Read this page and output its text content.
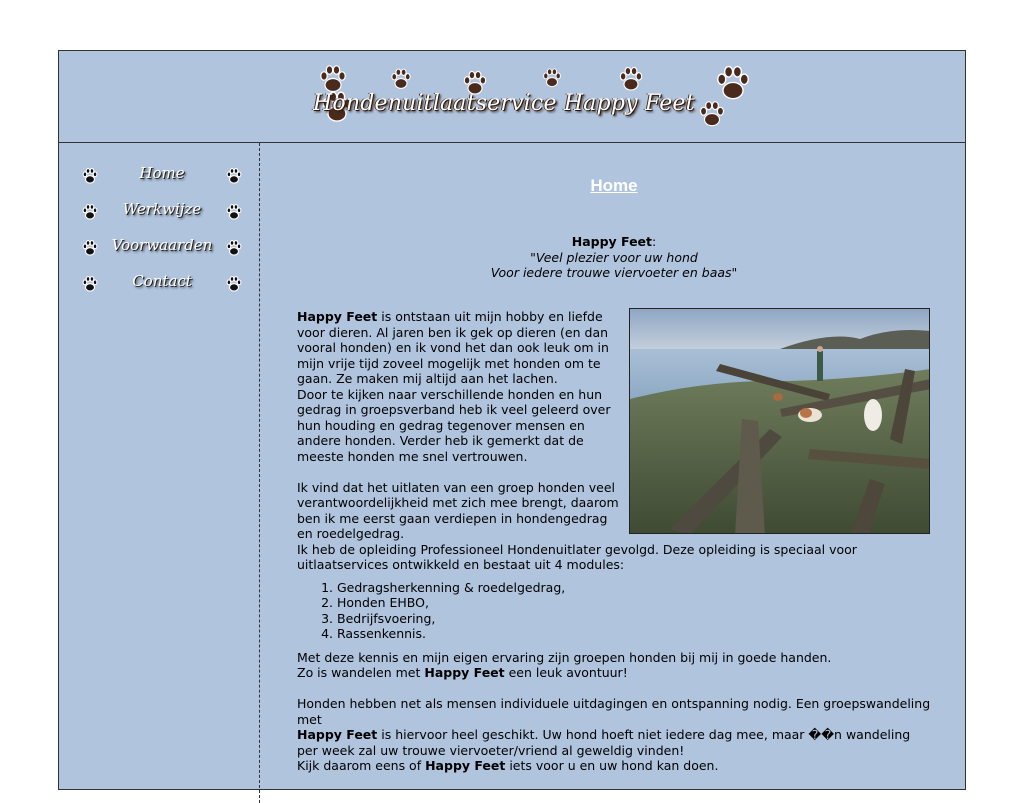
Hondenuitlaatservice Happy Feet
Home
Werkwijze
Voorwaarden
Contact
Home
Happy Feet:
"Veel plezier voor uw hond
Voor iedere trouwe viervoeter en baas"

Happy Feet is ontstaan uit mijn hobby en liefde voor dieren. Al jaren ben ik gek op dieren (en dan vooral honden) en ik vond het dan ook leuk om in mijn vrije tijd zoveel mogelijk met honden om te gaan. Ze maken mij altijd aan het lachen.

Door te kijken naar verschillende honden en hun gedrag in groepsverband heb ik veel geleerd over hun houding en gedrag tegenover mensen en andere honden. Verder heb ik gemerkt dat de meeste honden me snel vertrouwen.

Ik vind dat het uitlaten van een groep honden veel verantwoordelijkheid met zich mee brengt, daarom ben ik me eerst gaan verdiepen in hondengedrag en roedelgedrag.

Ik heb de opleiding Professioneel Hondenuitlater gevolgd. Deze opleiding is speciaal voor uitlaatservices ontwikkeld en bestaat uit 4 modules:

1. Gedragsherkenning & roedelgedrag,
2. Honden EHBO,
3. Bedrijfsvoering,
4. Rassenkennis.

Met deze kennis en mijn eigen ervaring zijn groepen honden bij mij in goede handen.

Zo is wandelen met Happy Feet een leuk avontuur!

Honden hebben net als mensen individuele uitdagingen en ontspanning nodig. Een groepswandeling met
Happy Feet is hiervoor heel geschikt. Uw hond hoeft niet iedere dag mee, maar ��n wandeling per week zal uw trouwe viervoeter/vriend al geweldig vinden!

Kijk daarom eens of Happy Feet iets voor u en uw hond kan doen.
